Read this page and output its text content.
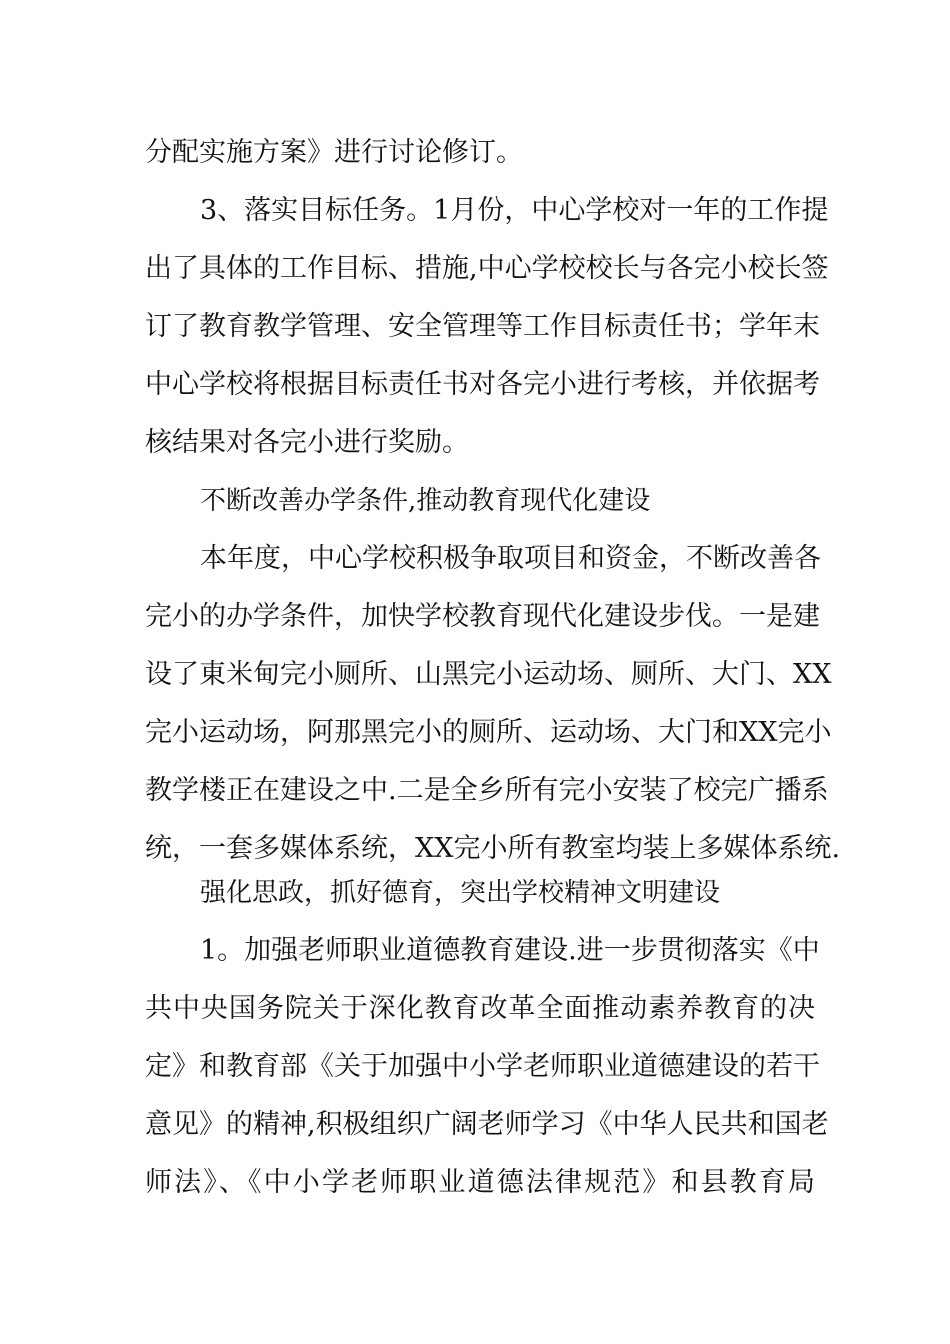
分配实施方案》进行讨论修订。
3、落实目标任务。1月份，中心学校对一年的工作提
出了具体的工作目标、措施,中心学校校长与各完小校长签
订了教育教学管理、安全管理等工作目标责任书；学年末
中心学校将根据目标责任书对各完小进行考核，并依据考
核结果对各完小进行奖励。
不断改善办学条件,推动教育现代化建设
本年度，中心学校积极争取项目和资金，不断改善各
完小的办学条件，加快学校教育现代化建设步伐。一是建
设了東米甸完小厕所、山黑完小运动场、厕所、大门、XX
完小运动场，阿那黑完小的厕所、运动场、大门和XX完小
教学楼正在建设之中.二是全乡所有完小安装了校完广播系
统，一套多媒体系统，XX完小所有教室均装上多媒体系统.
强化思政，抓好德育，突出学校精神文明建设
1。加强老师职业道德教育建设.进一步贯彻落实《中
共中央国务院关于深化教育改革全面推动素养教育的决
定》和教育部《关于加强中小学老师职业道德建设的若干
意见》的精神,积极组织广阔老师学习《中华人民共和国老
师法》、《中小学老师职业道德法律规范》和县教育局
